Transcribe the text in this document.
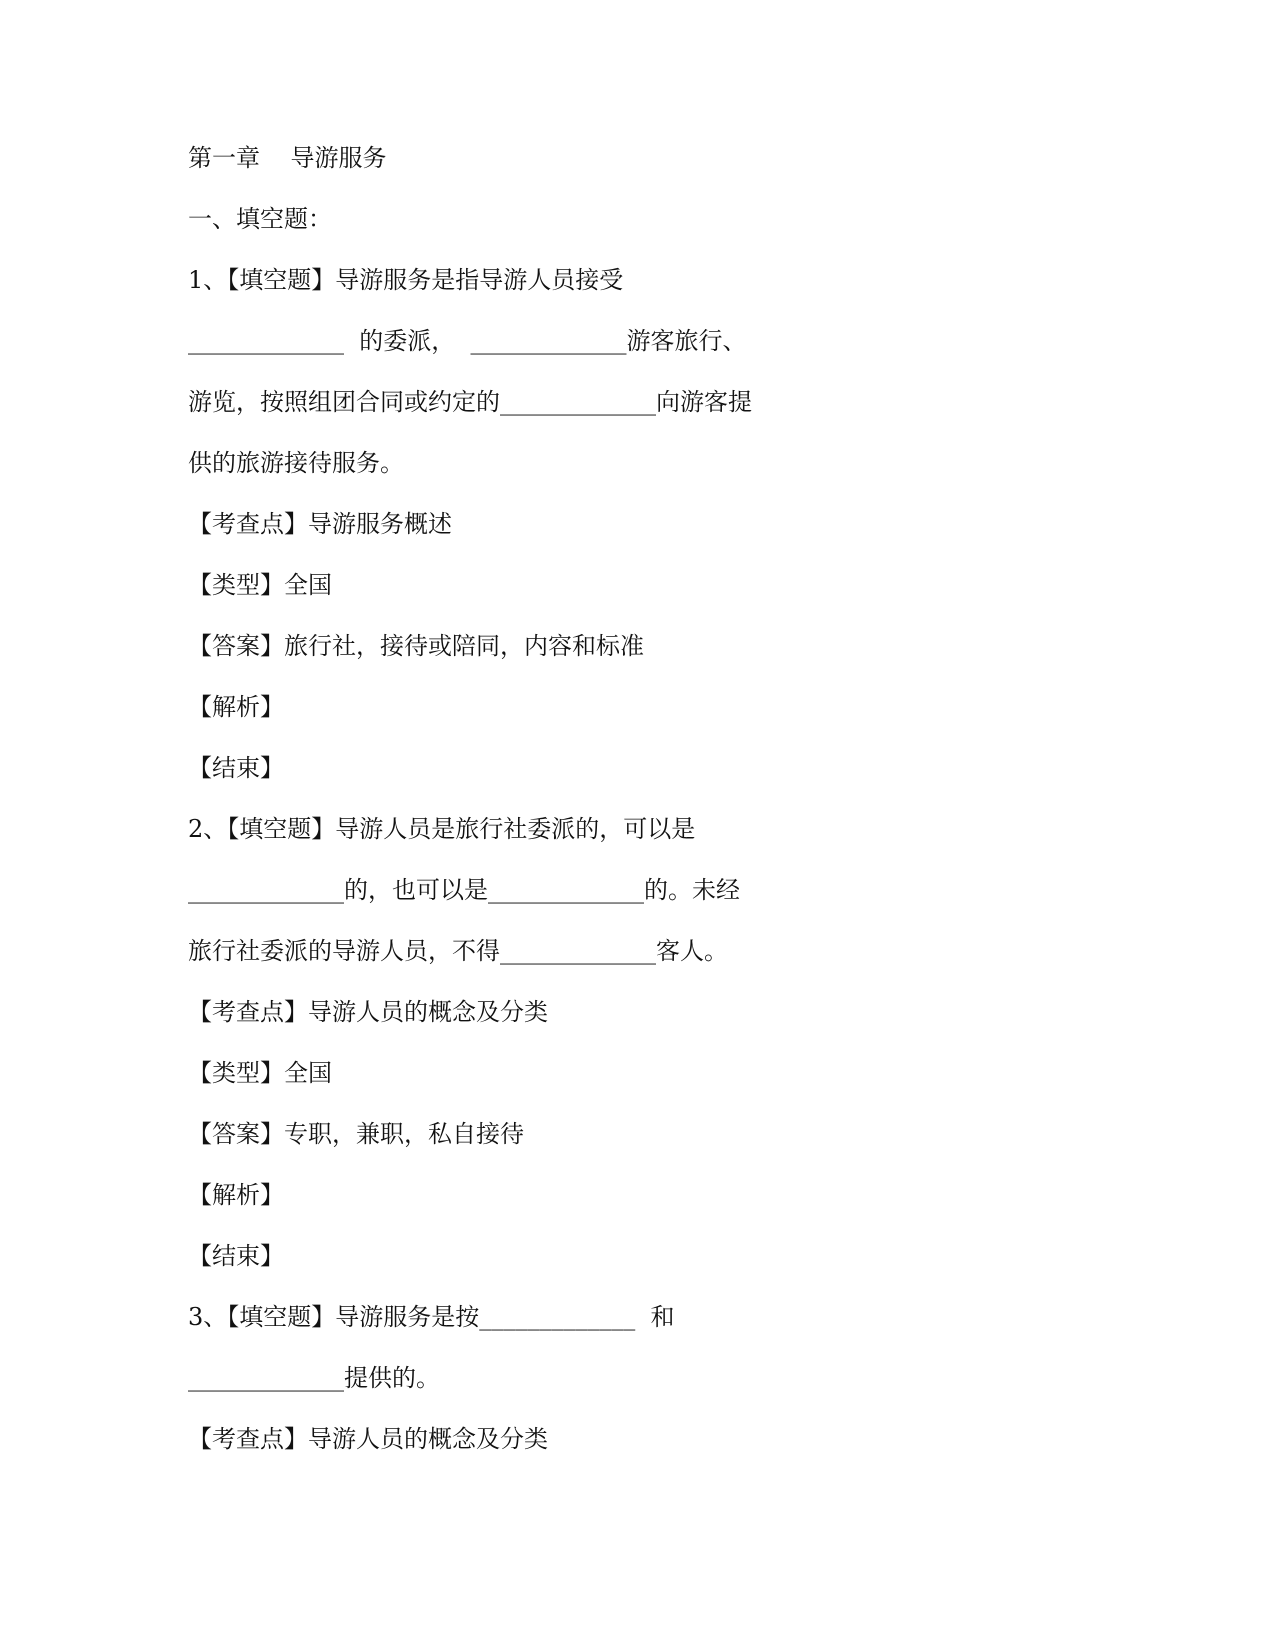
第一章    导游服务
一、填空题：
1、【填空题】导游服务是指导游人员接受
_____________  的委派，  _____________游客旅行、
游览，按照组团合同或约定的_____________向游客提
供的旅游接待服务。
【考查点】导游服务概述
【类型】全国
【答案】旅行社，接待或陪同，内容和标准
【解析】
【结束】
2、【填空题】导游人员是旅行社委派的，可以是
_____________的，也可以是_____________的。未经
旅行社委派的导游人员，不得_____________客人。
【考查点】导游人员的概念及分类
【类型】全国
【答案】专职，兼职，私自接待
【解析】
【结束】
3、【填空题】导游服务是按_____________  和
_____________提供的。
【考查点】导游人员的概念及分类
